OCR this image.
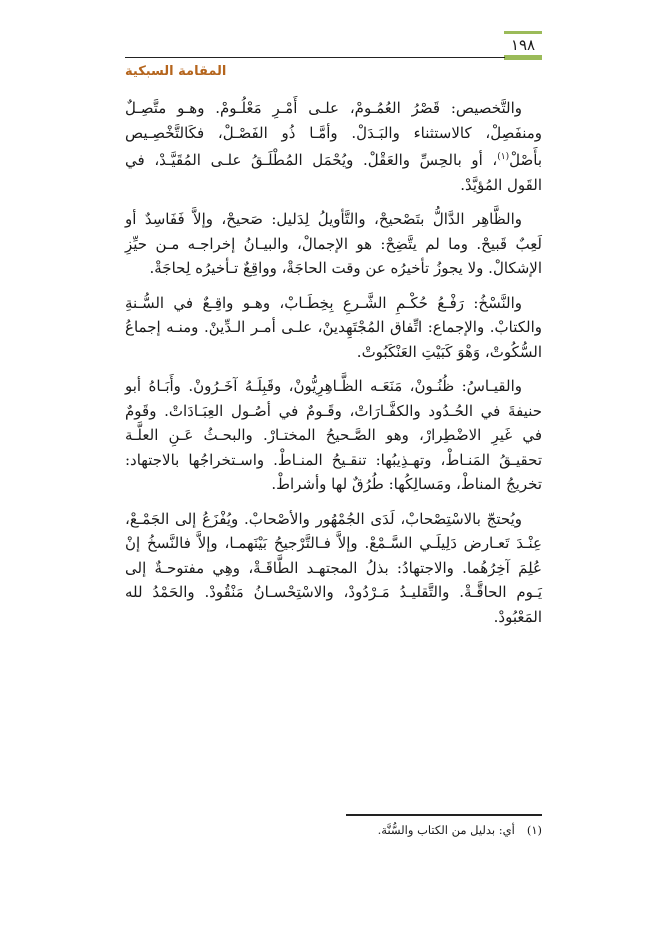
١٩٨
المقامة السبكية

والتَّخصيص: قَصْرُ العُمُـومْ، علـى أَمْـرِ مَعْلُـومْ. وهـو متَّصِـلٌ ومنفَصِلْ، كالاستثناء والبَـدَلْ. وأمَّـا ذُو الفَصْـلْ، فكَالتَّخْصِـيص بأَصْلْ$^{(١)}$، أو بالحِسِّ والعَقْلْ. ويُحْمَل المُطْلَـقُ علـى المُقَيَّـدْ، في القَول المُؤيَّدْ.

والظَّاهِر الدَّالُّ بتَصْحيحْ، والتَّأويلُ لِدَليل: صَحيحْ، وإلاَّ فَفَاسِدٌ أو لَعِبٌ قَبيحْ. وما لم يتَّضِحْ: هو الإجمالْ، والبيـانُ إخراجـه مـن حيِّزِ الإشكالْ. ولا يجوزُ تأخيرُه عن وقت الحاجَةْ، وواقِعٌ تـأخيرُه لِحاجَةْ.

والنَّسْخُ: رَفْـعُ حُكْـمِ الشَّـرعِ بِخِطَـابْ، وهـو واقِـعٌ في السُّـنةِ والكتابْ. والإجماع: اتِّفاق المُجْتَهِدينْ، علـى أمـر الـدِّينْ. ومنـه إجماعُ السُّكُوتْ، وَهْوَ كَبَيْتِ العَنْكَبُوتْ.

والقيـاسُ: ظُنُـونْ، مَنَعَـه الظَّـاهِرِيُّونْ، وقَبِلَـهُ آخَـرُونْ. وأَبَـاهُ أبو حنيفةَ في الحُـدُود والكفَّـارَاتْ، وقَـومٌ في أصُـول العِبَـادَاتْ. وقَومٌ في غَيرِ الاضْطِرارْ، وهو الصَّـحيحُ المختـارْ. والبحـثُ عَـنِ العلَّـة تحقيـقُ المَنـاطْ، وتهـذِيبُها: تنقـيحُ المنـاطْ. واسـتخراجُها بالاجتهاد: تخريجُ المناطْ، ومَسالِكُها: طُرُقٌ لها وأشراطْ.

ويُحتجّ بالاسْتِصْحابْ، لَدَى الجُمْهُور والأصْحابْ. ويُفْزَعُ إلى الجَمْـعْ، عِنْـدَ تَعـارض دَلِيلَـي السَّـمْعْ. وإلاَّ فـالتَّرْجيحُ بَيْنَهمـا، وإلاَّ فالنَّسخُ إنْ عُلِمَ آخِرُهُما. والاجتهادُ: بذلُ المجتهـد الطَّاقَـةْ، وهِي مفتوحـةٌ إلى يَـوم الحاقَّـةْ. والتَّقليـدُ مَـرْدُودْ، والاسْتِحْسـانُ مَنْقُودْ. والحَمْدُ لله المَعْبُودْ.

(١)أي: بدليل من الكتاب والسُّنَّة.
